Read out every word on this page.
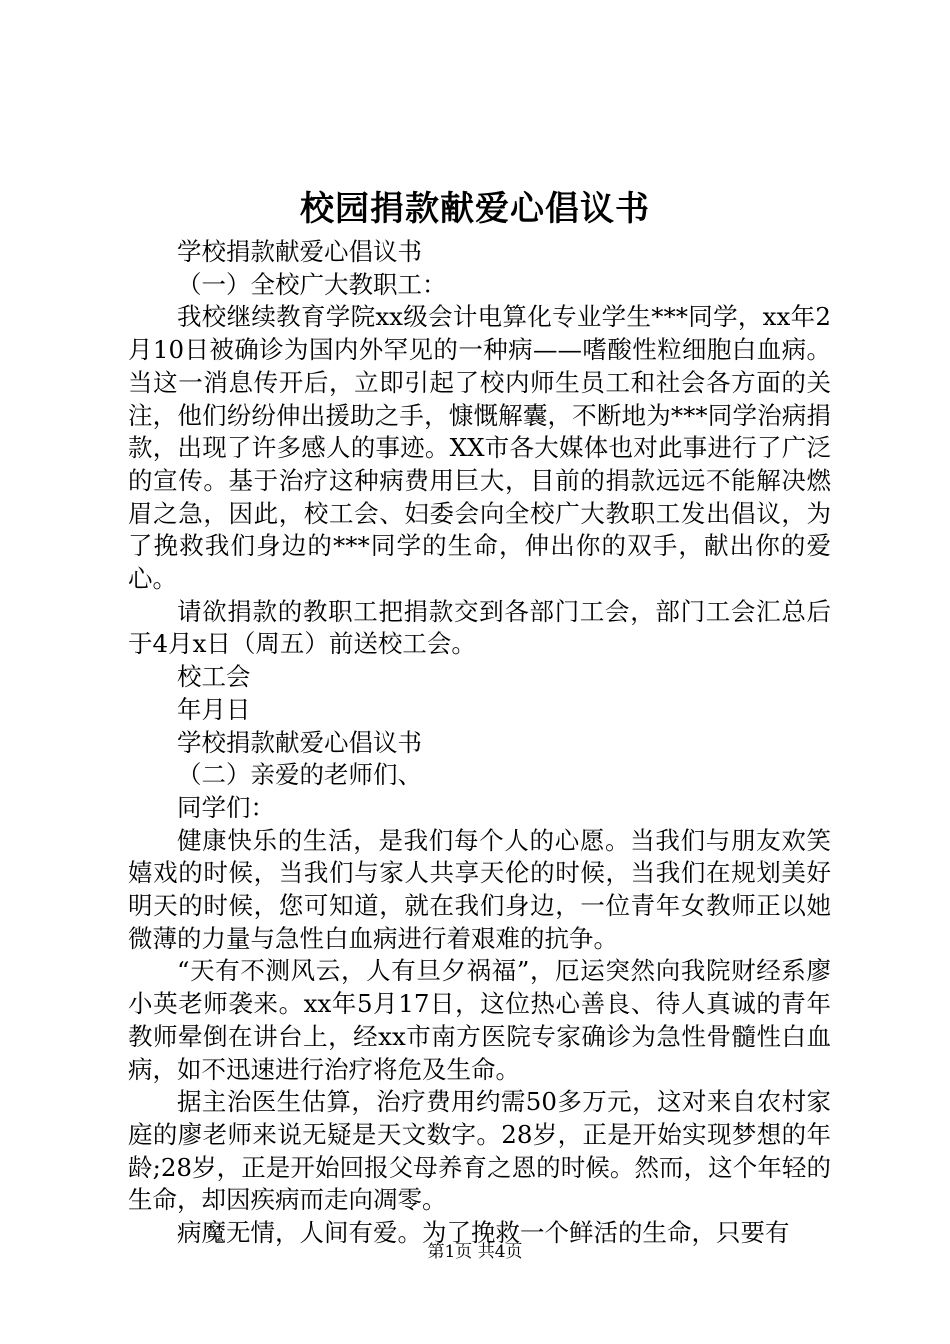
校园捐款献爱心倡议书

学校捐款献爱心倡议书

（一）全校广大教职工：

我校继续教育学院xx级会计电算化专业学生***同学，xx年2月10日被确诊为国内外罕见的一种病——嗜酸性粒细胞白血病。当这一消息传开后，立即引起了校内师生员工和社会各方面的关注，他们纷纷伸出援助之手，慷慨解囊，不断地为***同学治病捐款，出现了许多感人的事迹。XX市各大媒体也对此事进行了广泛的宣传。基于治疗这种病费用巨大，目前的捐款远远不能解决燃眉之急，因此，校工会、妇委会向全校广大教职工发出倡议，为了挽救我们身边的***同学的生命，伸出你的双手，献出你的爱心。

请欲捐款的教职工把捐款交到各部门工会，部门工会汇总后于4月x日（周五）前送校工会。

校工会

年月日

学校捐款献爱心倡议书

（二）亲爱的老师们、

同学们：

健康快乐的生活，是我们每个人的心愿。当我们与朋友欢笑嬉戏的时候，当我们与家人共享天伦的时候，当我们在规划美好明天的时候，您可知道，就在我们身边，一位青年女教师正以她微薄的力量与急性白血病进行着艰难的抗争。

“天有不测风云，人有旦夕祸福”，厄运突然向我院财经系廖小英老师袭来。xx年5月17日，这位热心善良、待人真诚的青年教师晕倒在讲台上，经xx市南方医院专家确诊为急性骨髓性白血病，如不迅速进行治疗将危及生命。

据主治医生估算，治疗费用约需50多万元，这对来自农村家庭的廖老师来说无疑是天文数字。28岁，正是开始实现梦想的年龄;28岁，正是开始回报父母养育之恩的时候。然而，这个年轻的生命，却因疾病而走向凋零。

病魔无情，人间有爱。为了挽救一个鲜活的生命，只要有

第1页 共4页
